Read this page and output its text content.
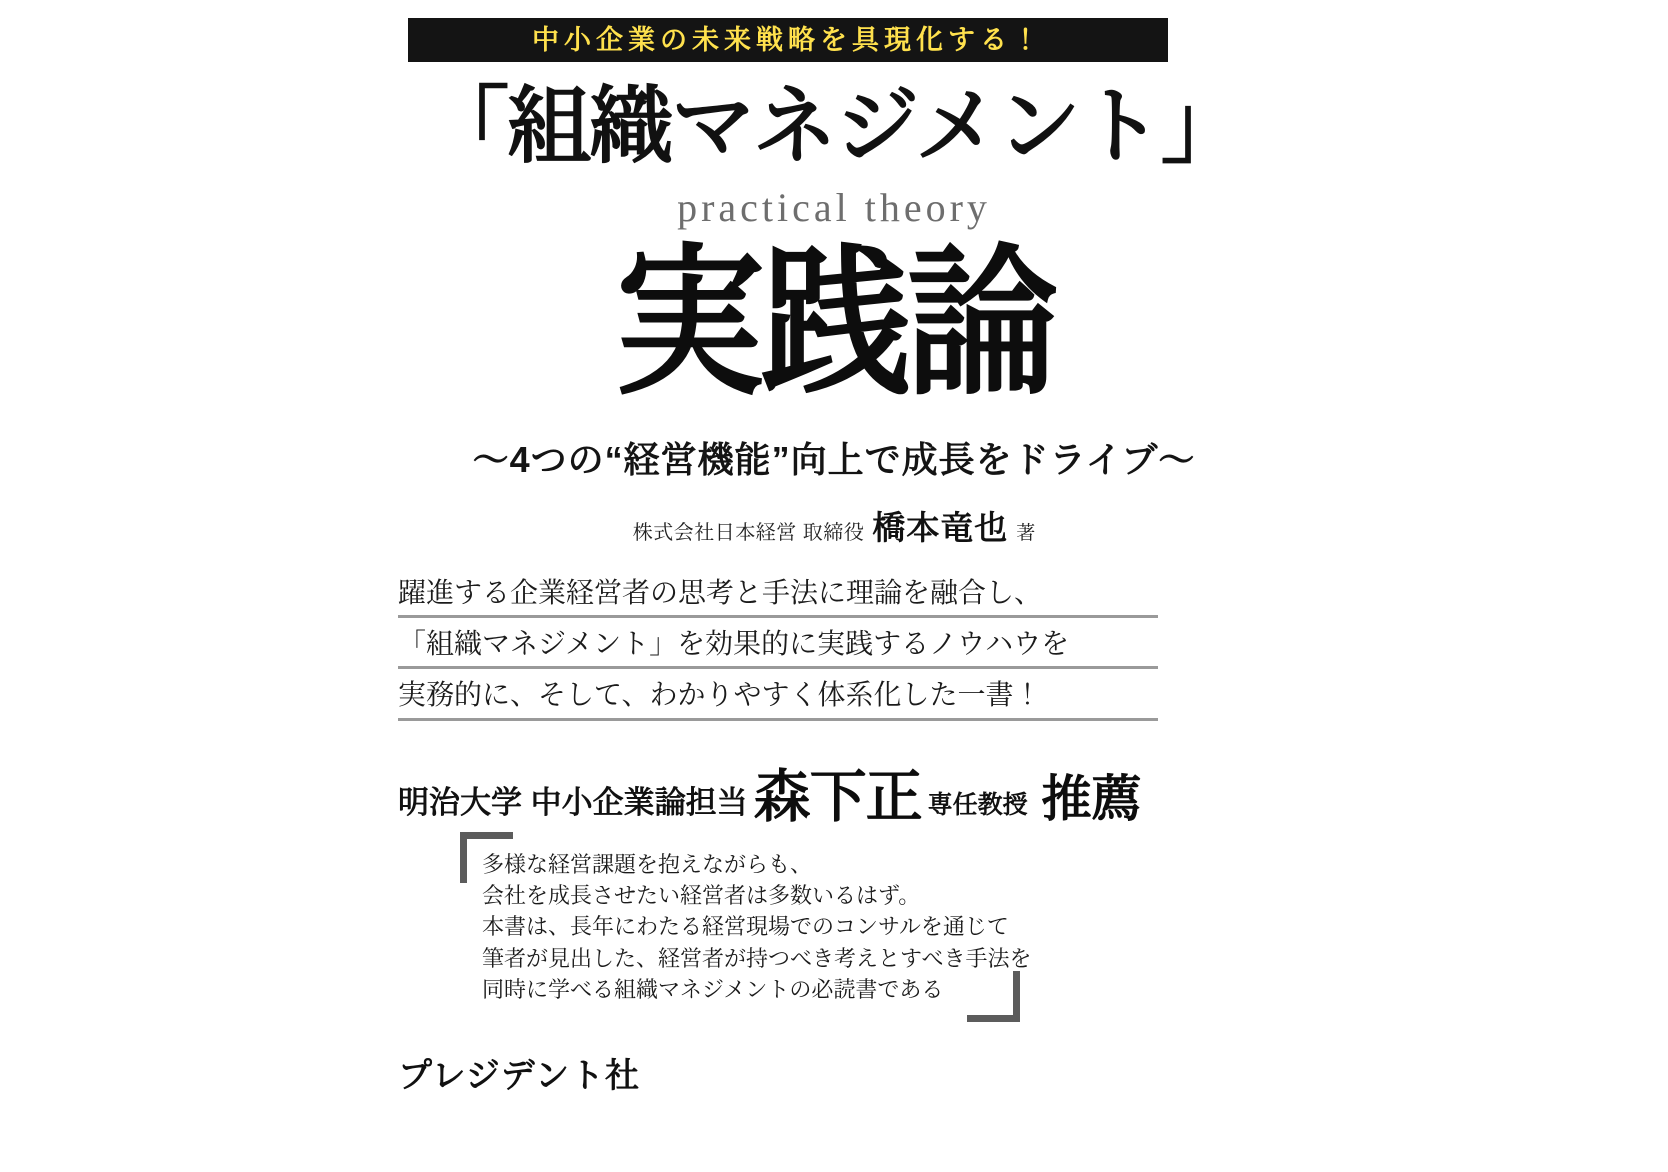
中小企業の未来戦略を具現化する！
「組織マネジメント」
practical theory
実践論
〜4つの“経営機能”向上で成長をドライブ〜
株式会社日本経営 取締役 橋本竜也 著
躍進する企業経営者の思考と手法に理論を融合し、
「組織マネジメント」を効果的に実践するノウハウを
実務的に、そして、わかりやすく体系化した一書！
明治大学 中小企業論担当 森下正 専任教授 推薦
多様な経営課題を抱えながらも、
会社を成長させたい経営者は多数いるはず。
本書は、長年にわたる経営現場でのコンサルを通じて
筆者が見出した、経営者が持つべき考えとすべき手法を
同時に学べる組織マネジメントの必読書である
プレジデント社
